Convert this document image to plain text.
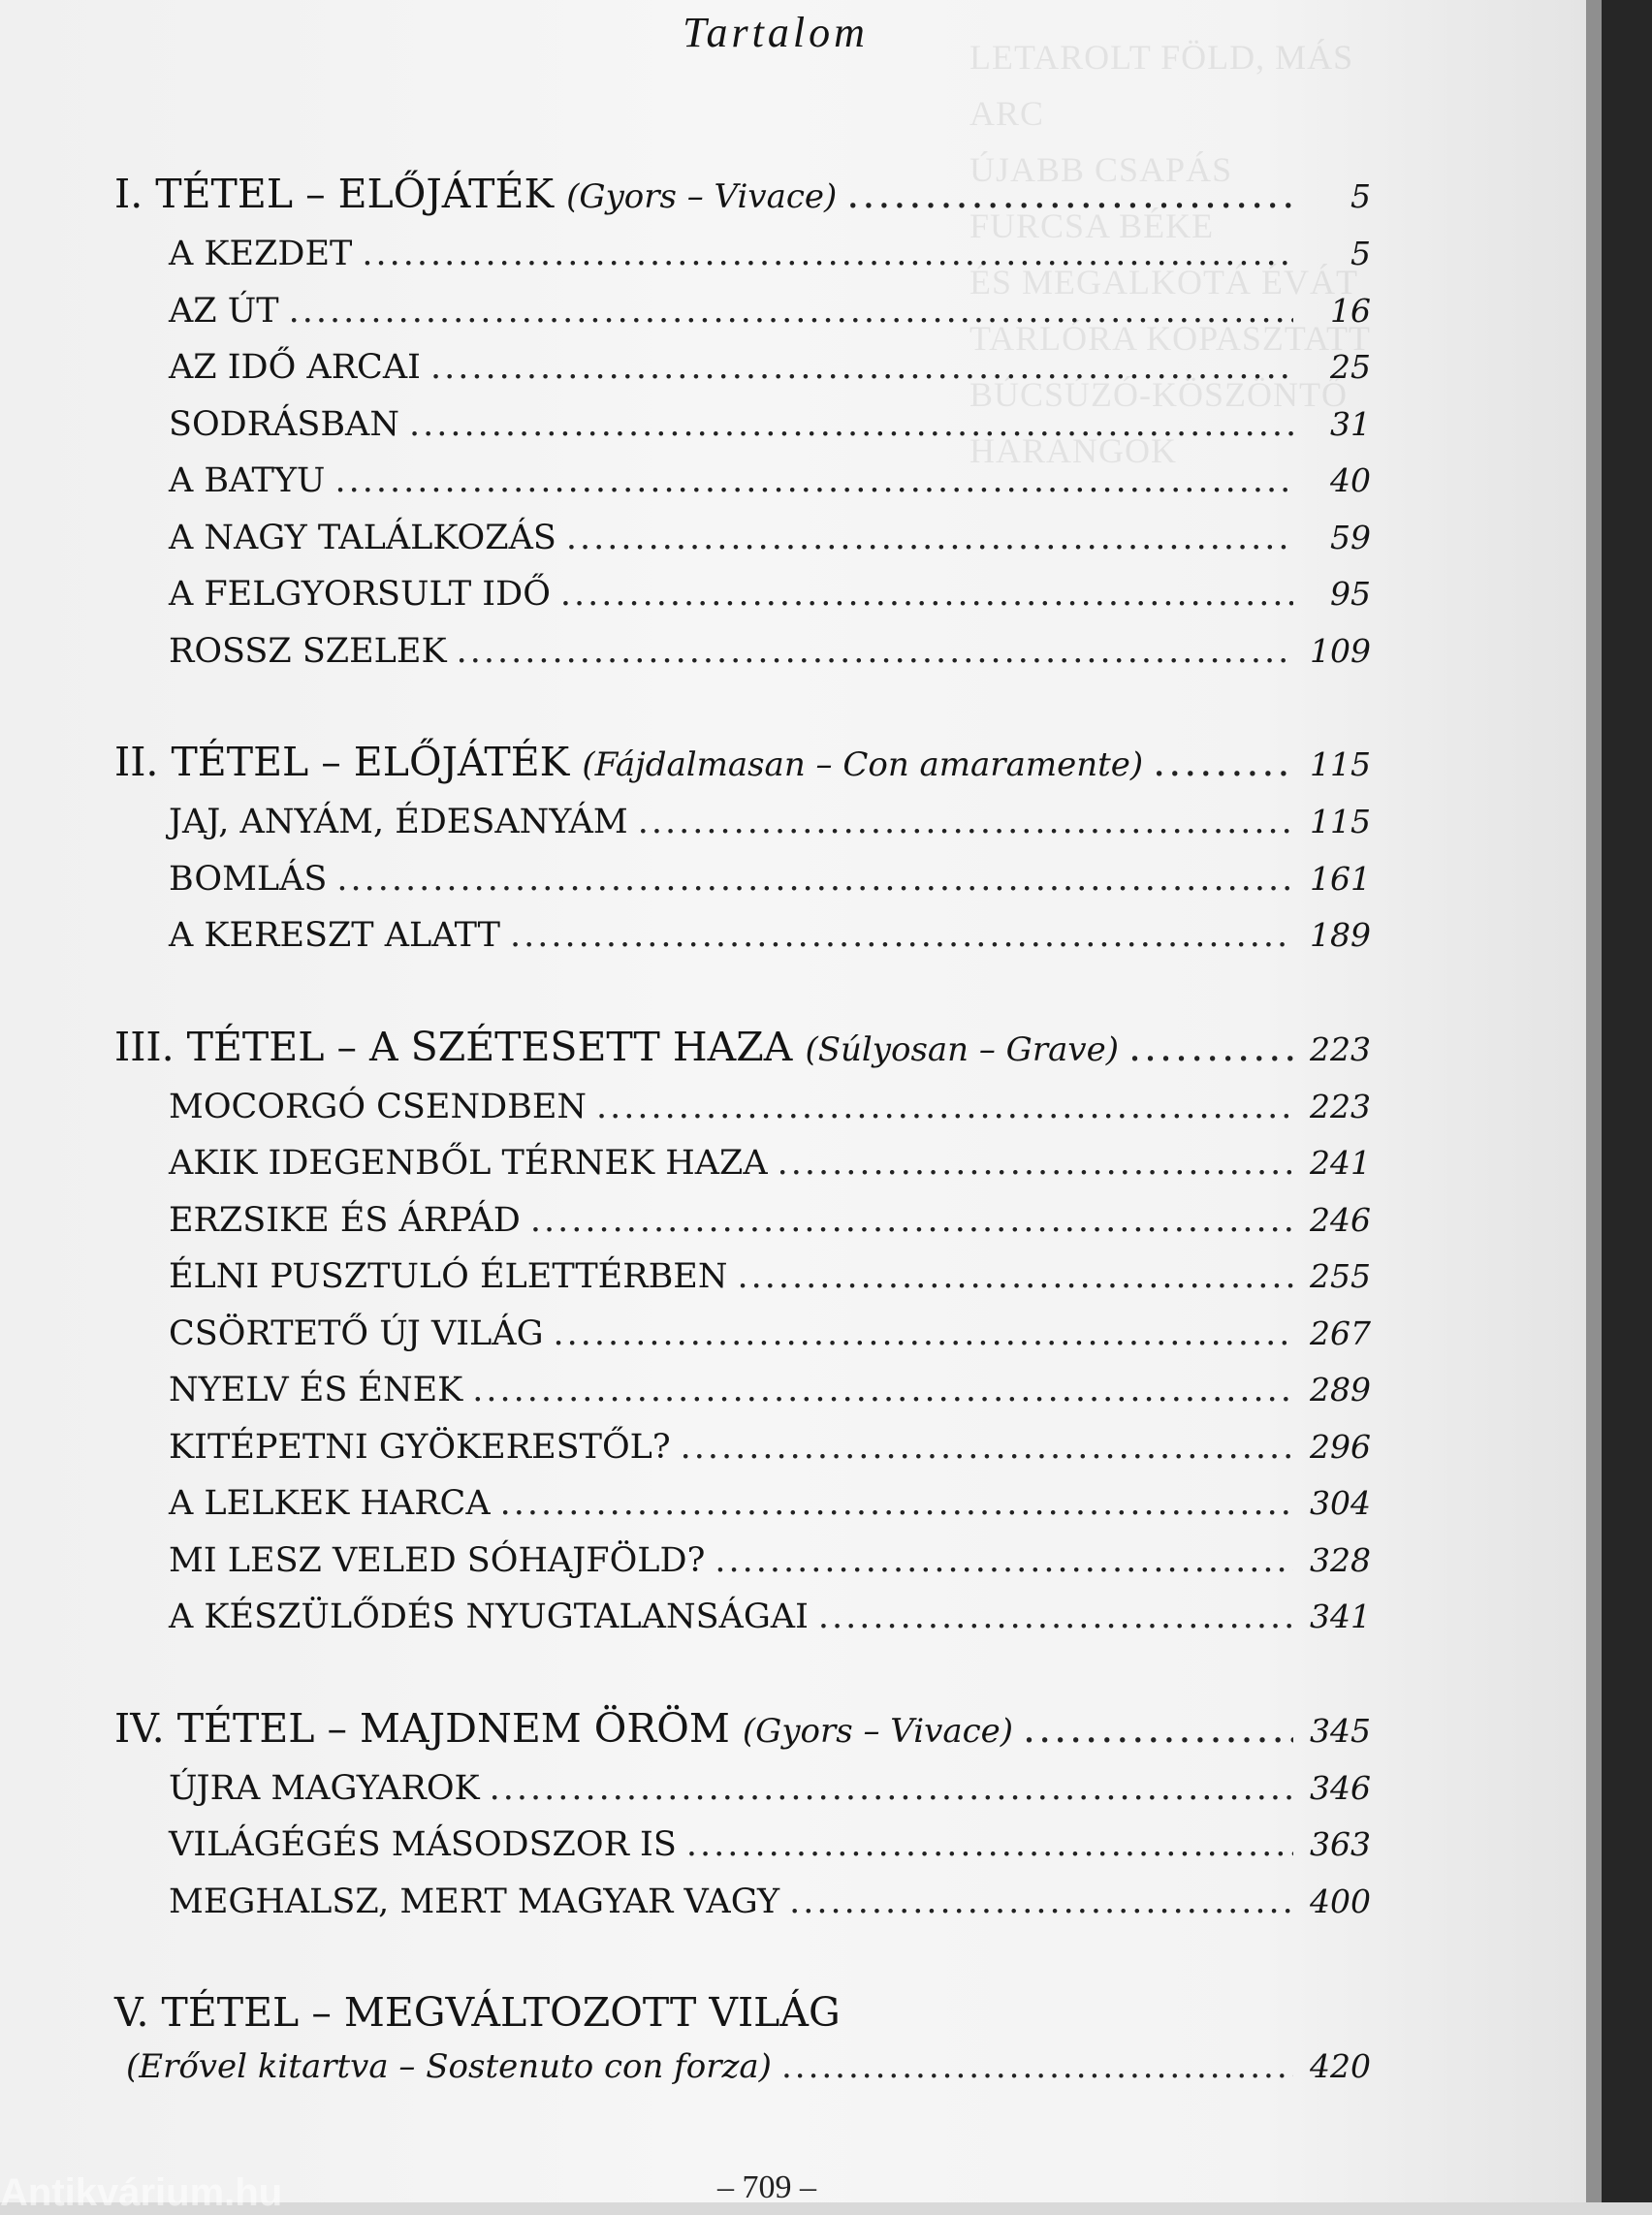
LETAROLT FÖLD, MÁS ARC
ÚJABB CSAPÁS
FURCSA BÉKE
ÉS MEGALKOTÁ ÉVÁT
TARLÓRA KOPASZTATT
BÚCSÚZÓ-KÖSZÖNTŐ HARANGOK
Tartalom
I. TÉTEL – ELŐJÁTÉK (Gyors – Vivace) .....	5
A KEZDET .....	5
AZ ÚT .....	16
AZ IDŐ ARCAI .....	25
SODRÁSBAN .....	31
A BATYU .....	40
A NAGY TALÁLKOZÁS .....	59
A FELGYORSULT IDŐ .....	95
ROSSZ SZELEK .....	109
II. TÉTEL – ELŐJÁTÉK (Fájdalmasan – Con amaramente) .....	115
JAJ, ANYÁM, ÉDESANYÁM .....	115
BOMLÁS .....	161
A KERESZT ALATT .....	189
III. TÉTEL – A SZÉTESETT HAZA (Súlyosan – Grave) .....	223
MOCORGÓ CSENDBEN .....	223
AKIK IDEGENBŐL TÉRNEK HAZA .....	241
ERZSIKE ÉS ÁRPÁD .....	246
ÉLNI PUSZTULÓ ÉLETTÉRBEN .....	255
CSÖRTETŐ ÚJ VILÁG .....	267
NYELV ÉS ÉNEK .....	289
KITÉPETNI GYÖKERESTŐL? .....	296
A LELKEK HARCA .....	304
MI LESZ VELED SÓHAJFÖLD? .....	328
A KÉSZÜLŐDÉS NYUGTALANSÁGAI .....	341
IV. TÉTEL – MAJDNEM ÖRÖM (Gyors – Vivace) .....	345
ÚJRA MAGYAROK .....	346
VILÁGÉGÉS MÁSODSZOR IS .....	363
MEGHALSZ, MERT MAGYAR VAGY .....	400
V. TÉTEL – MEGVÁLTOZOTT VILÁG
(Erővel kitartva – Sostenuto con forza) .....	420
– 709 –
Antikvárium.hu
